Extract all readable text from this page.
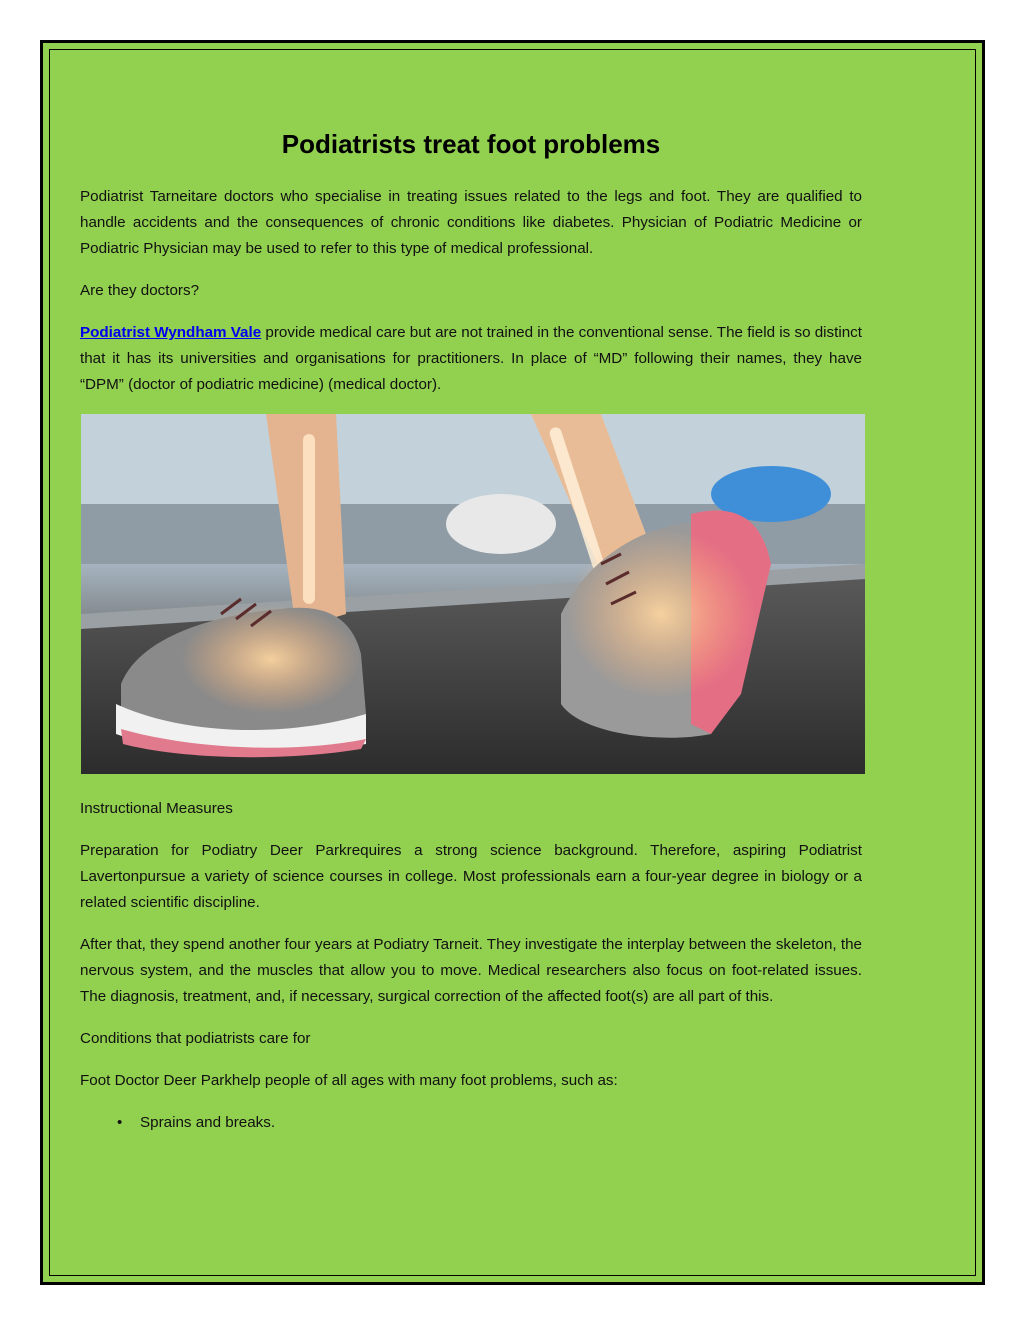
Podiatrists treat foot problems

Podiatrist Tarneitare doctors who specialise in treating issues related to the legs and foot. They are qualified to handle accidents and the consequences of chronic conditions like diabetes. Physician of Podiatric Medicine or Podiatric Physician may be used to refer to this type of medical professional.

Are they doctors?

Podiatrist Wyndham Vale provide medical care but are not trained in the conventional sense. The field is so distinct that it has its universities and organisations for practitioners. In place of “MD” following their names, they have “DPM” (doctor of podiatric medicine) (medical doctor).

Instructional Measures

Preparation for Podiatry Deer Parkrequires a strong science background. Therefore, aspiring Podiatrist Lavertonpursue a variety of science courses in college. Most professionals earn a four-year degree in biology or a related scientific discipline.

After that, they spend another four years at Podiatry Tarneit. They investigate the interplay between the skeleton, the nervous system, and the muscles that allow you to move. Medical researchers also focus on foot-related issues. The diagnosis, treatment, and, if necessary, surgical correction of the affected foot(s) are all part of this.

Conditions that podiatrists care for

Foot Doctor Deer Parkhelp people of all ages with many foot problems, such as:

• Sprains and breaks.
